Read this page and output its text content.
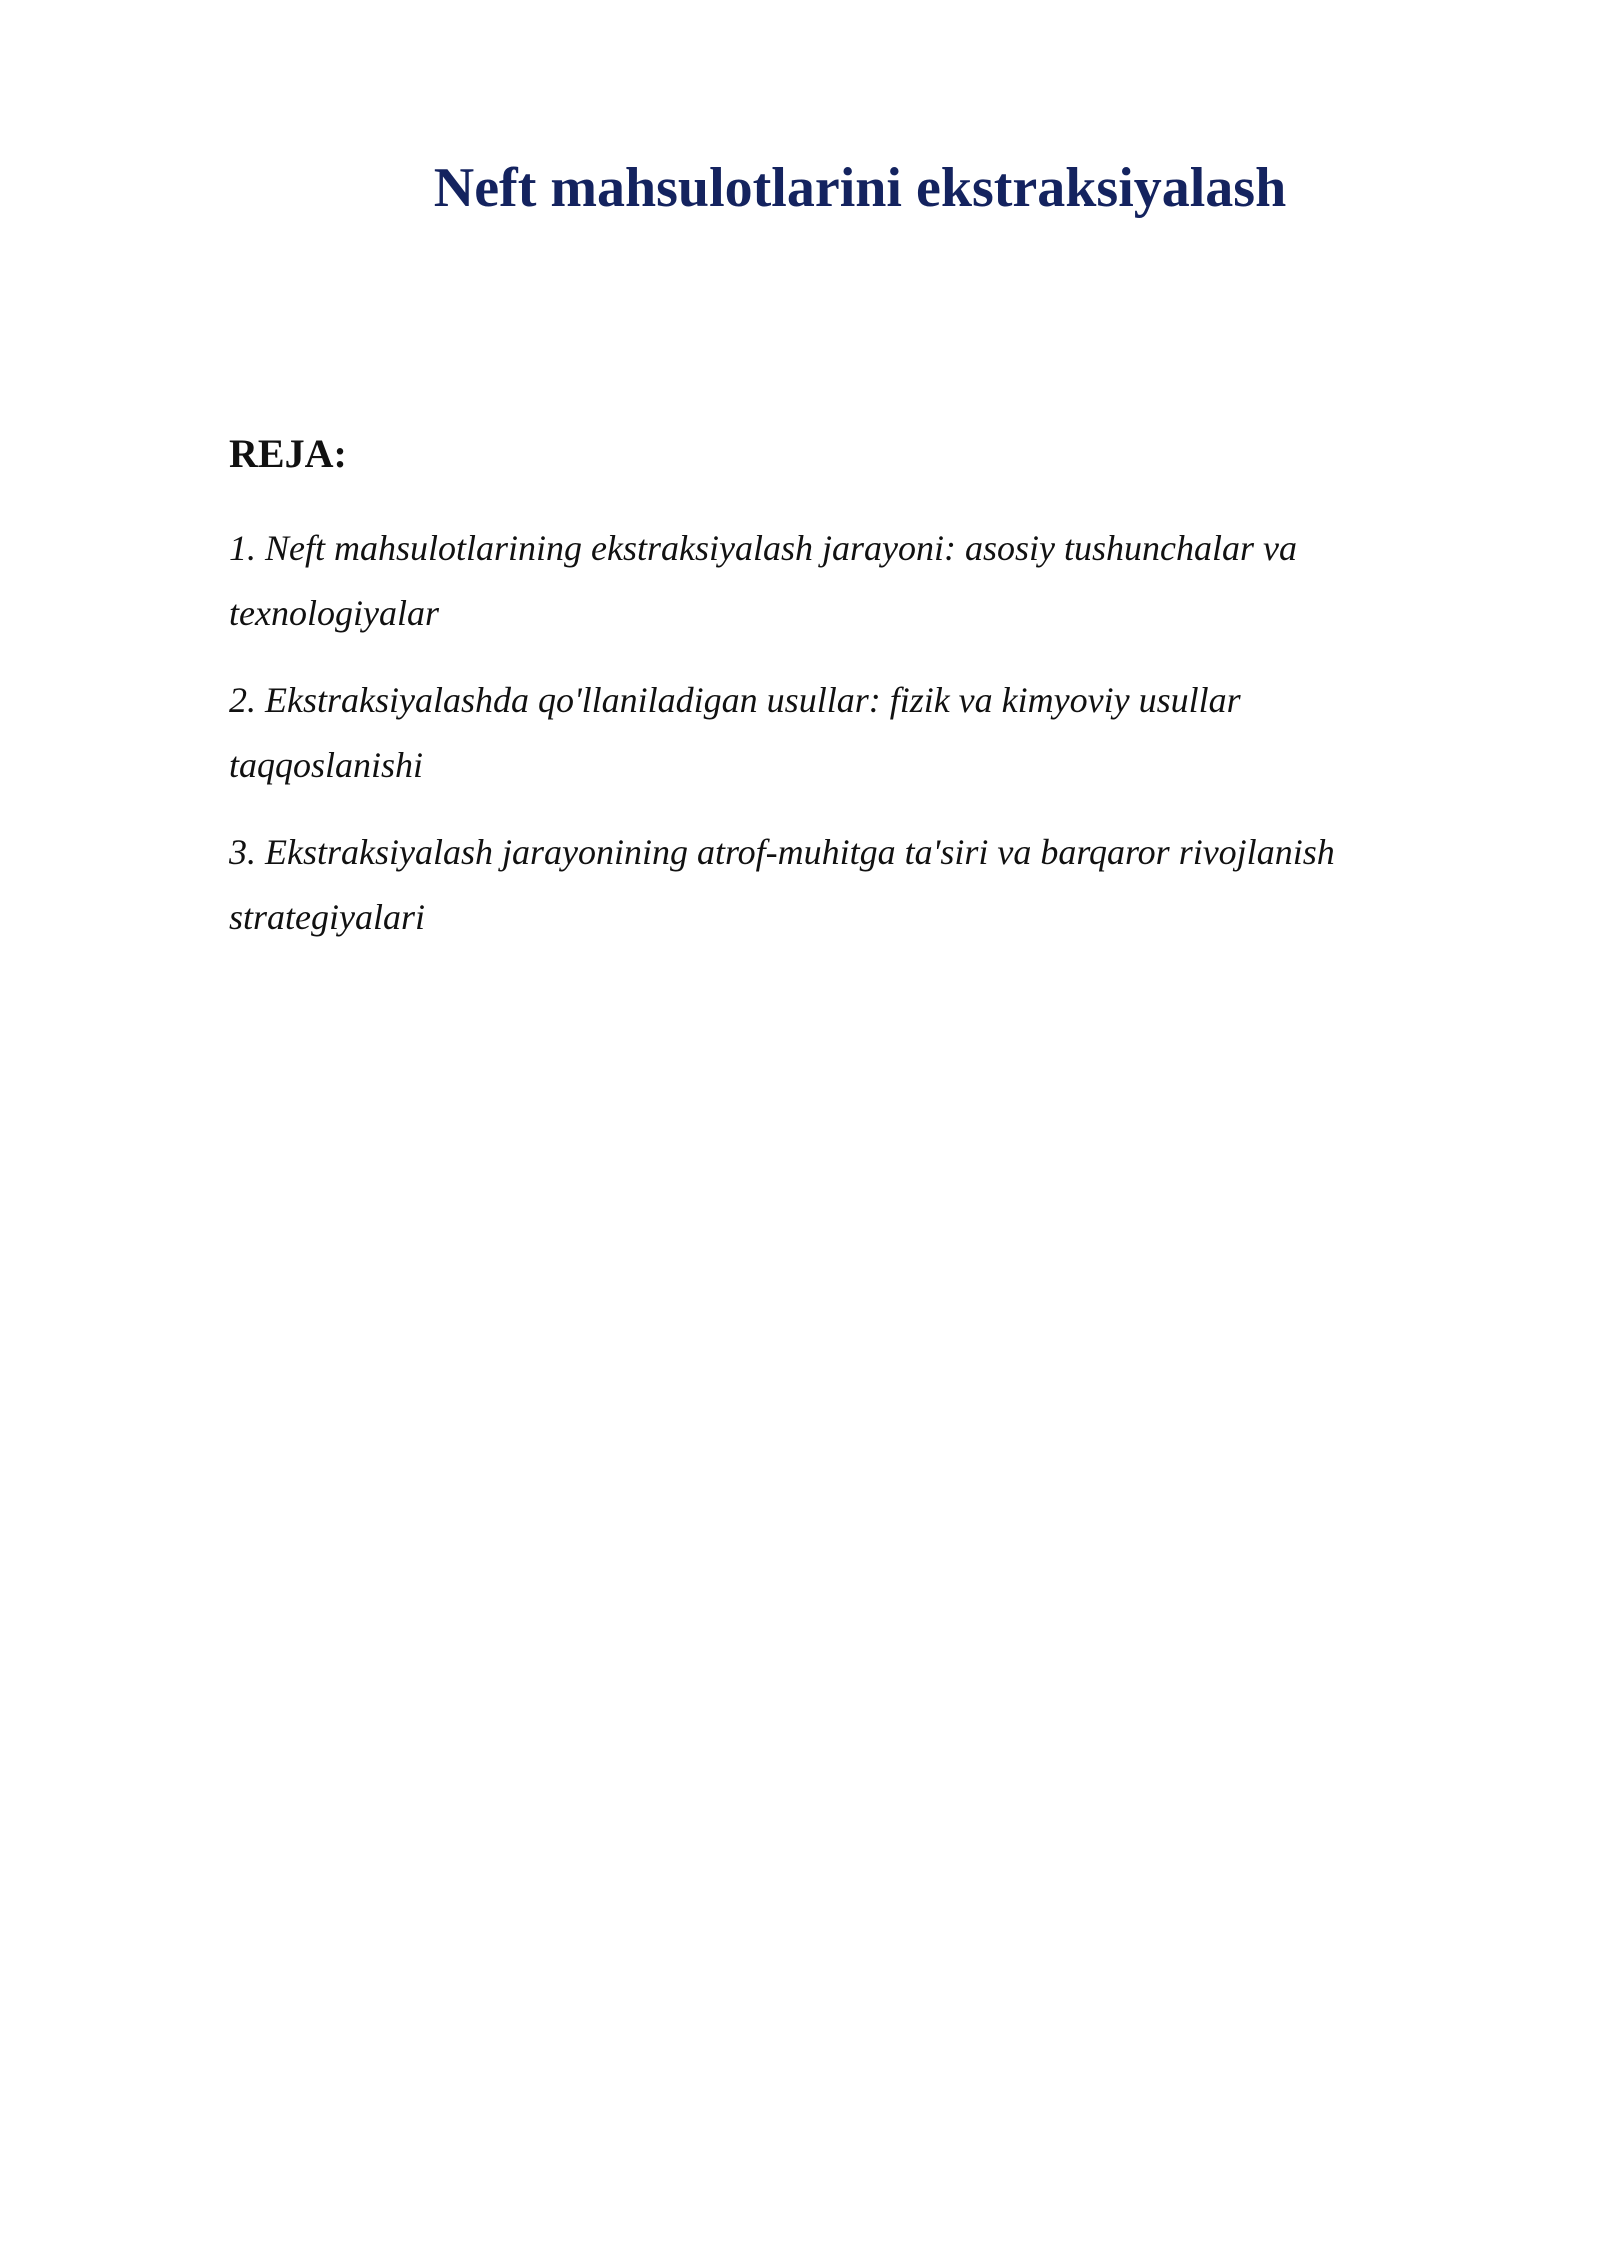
Neft mahsulotlarini ekstraksiyalash
REJA:
1. Neft mahsulotlarining ekstraksiyalash jarayoni: asosiy tushunchalar va texnologiyalar
2. Ekstraksiyalashda qo'llaniladigan usullar: fizik va kimyoviy usullar taqqoslanishi
3. Ekstraksiyalash jarayonining atrof-muhitga ta'siri va barqaror rivojlanish strategiyalari
